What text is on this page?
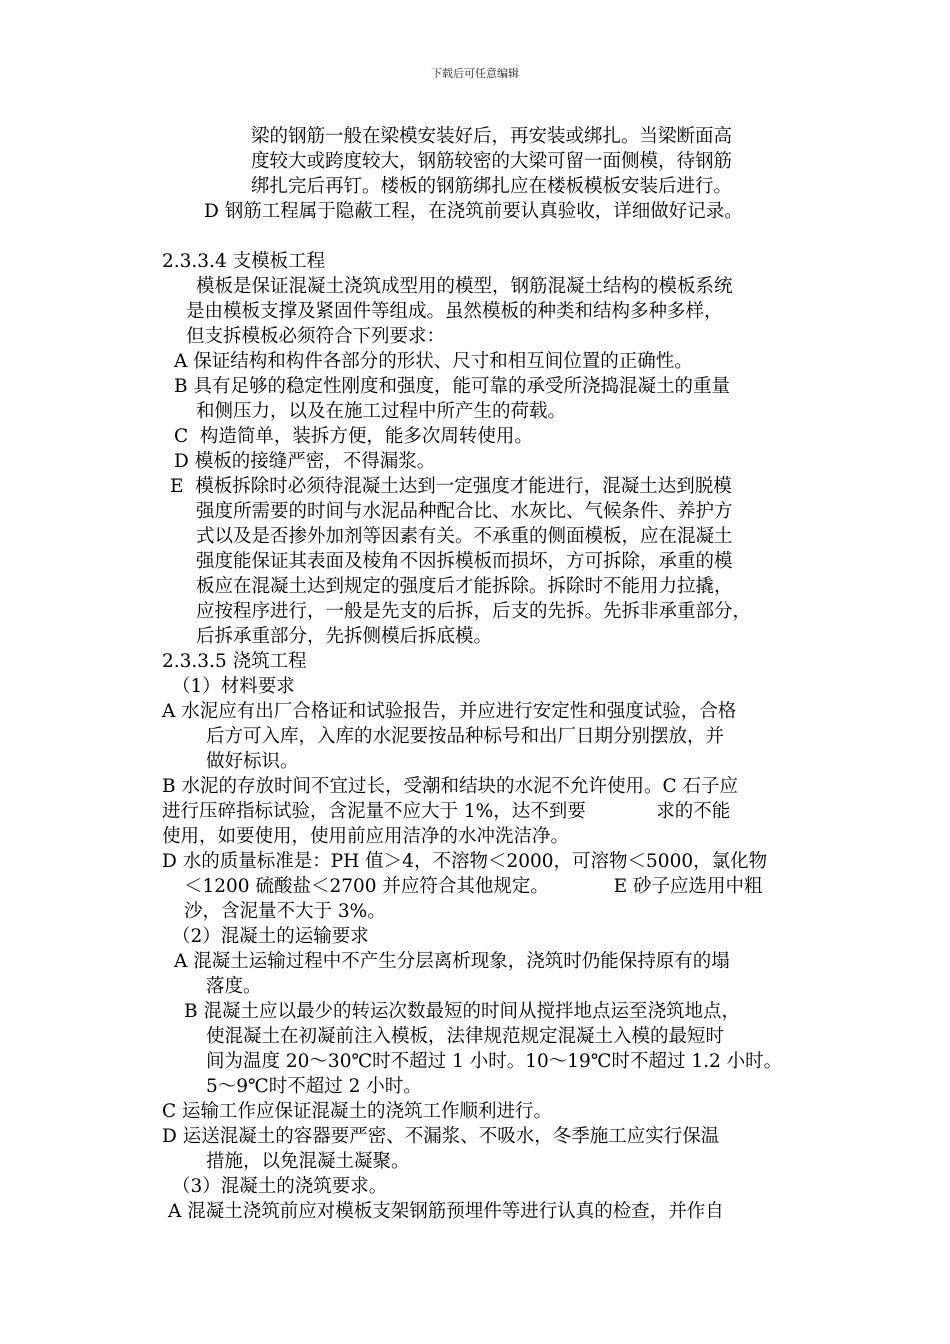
下载后可任意编辑
梁的钢筋一般在梁模安装好后，再安装或绑扎。当梁断面高
度较大或跨度较大，钢筋较密的大梁可留一面侧模，待钢筋
绑扎完后再钉。楼板的钢筋绑扎应在楼板模板安装后进行。
D 钢筋工程属于隐蔽工程，在浇筑前要认真验收，详细做好记录。
2.3.3.4 支模板工程
模板是保证混凝土浇筑成型用的模型，钢筋混凝土结构的模板系统
是由模板支撑及紧固件等组成。虽然模板的种类和结构多种多样，
但支拆模板必须符合下列要求：
A 保证结构和构件各部分的形状、尺寸和相互间位置的正确性。
B 具有足够的稳定性刚度和强度，能可靠的承受所浇捣混凝土的重量
和侧压力，以及在施工过程中所产生的荷载。
C  构造简单，装拆方便，能多次周转使用。
D 模板的接缝严密，不得漏浆。
E  模板拆除时必须待混凝土达到一定强度才能进行，混凝土达到脱模
强度所需要的时间与水泥品种配合比、水灰比、气候条件、养护方
式以及是否掺外加剂等因素有关。不承重的侧面模板，应在混凝土
强度能保证其表面及棱角不因拆模板而损坏，方可拆除，承重的模
板应在混凝土达到规定的强度后才能拆除。拆除时不能用力拉撬，
应按程序进行，一般是先支的后拆，后支的先拆。先拆非承重部分，
后拆承重部分，先拆侧模后拆底模。
2.3.3.5 浇筑工程
（1）材料要求
A 水泥应有出厂合格证和试验报告，并应进行安定性和强度试验，合格
后方可入库，入库的水泥要按品种标号和出厂日期分别摆放，并
做好标识。
B 水泥的存放时间不宜过长，受潮和结块的水泥不允许使用。C 石子应
进行压碎指标试验，含泥量不应大于 1%，达不到要            求的不能
使用，如要使用，使用前应用洁净的水冲洗洁净。
D 水的质量标准是：PH 值＞4，不溶物＜2000，可溶物＜5000，氯化物
＜1200 硫酸盐＜2700 并应符合其他规定。           E 砂子应选用中粗
沙，含泥量不大于 3%。
（2）混凝土的运输要求
A 混凝土运输过程中不产生分层离析现象，浇筑时仍能保持原有的塌
落度。
B 混凝土应以最少的转运次数最短的时间从搅拌地点运至浇筑地点，
使混凝土在初凝前注入模板，法律规范规定混凝土入模的最短时
间为温度 20～30℃时不超过 1 小时。10～19℃时不超过 1.2 小时。
5～9℃时不超过 2 小时。
C 运输工作应保证混凝土的浇筑工作顺利进行。
D 运送混凝土的容器要严密、不漏浆、不吸水，冬季施工应实行保温
措施，以免混凝土凝聚。
（3）混凝土的浇筑要求。
A 混凝土浇筑前应对模板支架钢筋预埋件等进行认真的检查，并作自
